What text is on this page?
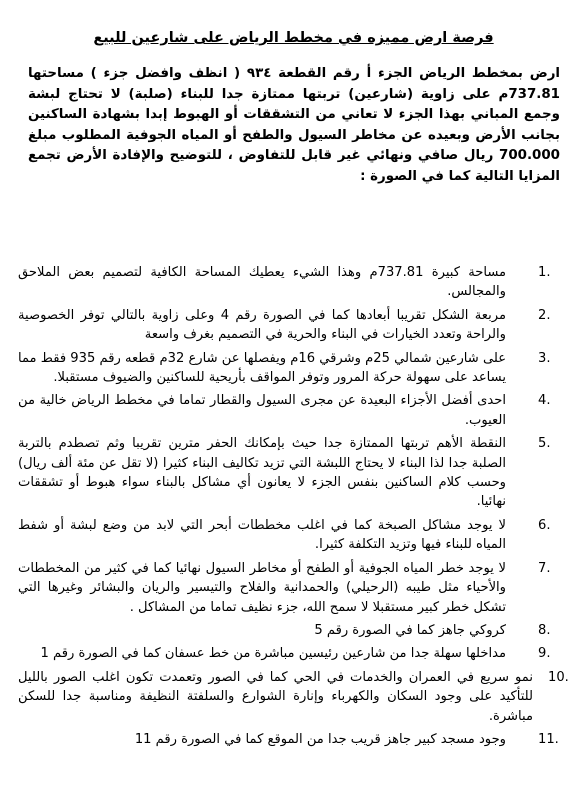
فرصة ارض مميزه في مخطط الرياض على شارعين للبيع

ارض بمخطط الرياض الجزء أ رقم القطعة ٩٣٤ ( انظف وافضل جزء ) مساحتها 737.81م على زاوية (شارعين) تربتها ممتازة جدا للبناء (صلبة) لا تحتاج لبشة وجمع المباني بهذا الجزء لا تعاني من التشققات أو الهبوط إبدا بشهادة الساكنين بجانب الأرض وبعيده عن مخاطر السيول والطفح أو المياه الجوفية المطلوب مبلغ 700.000 ريال صافي ونهائي غير قابل للتفاوض ، للتوضيح والإفادة الأرض تجمع المزايا التالية كما في الصورة :

1.
مساحة كبيرة 737.81م وهذا الشيء يعطيك المساحة الكافية لتصميم بعض الملاحق والمجالس.
2.
مربعة الشكل تقريبا أبعادها كما في الصورة رقم 4 وعلى زاوية بالتالي توفر الخصوصية والراحة وتعدد الخيارات في البناء والحرية في التصميم بغرف واسعة
3.
على شارعين شمالي 25م وشرقي 16م ويفصلها عن شارع 32م قطعه رقم 935 فقط مما يساعد على سهولة حركة المرور وتوفر المواقف بأريحية للساكنين والضيوف مستقبلا.
4.
احدى أفضل الأجزاء البعيدة عن مجرى السيول والقطار تماما في مخطط الرياض خالية من العيوب.
5.
النقطة الأهم تربتها الممتازة جدا حيث بإمكانك الحفر مترين تقريبا وثم تصطدم بالتربة الصلبة جدا لذا البناء لا يحتاج اللبشة التي تزيد تكاليف البناء كثيرا (لا تقل عن مئة ألف ريال) وحسب كلام الساكنين بنفس الجزء لا يعانون أي مشاكل بالبناء سواء هبوط أو تشققات نهائيا.
6.
لا يوجد مشاكل الصبخة كما في اغلب مخططات أبحر التي لابد من وضع لبشة أو شفط المياه للبناء فيها وتزيد التكلفة كثيرا.
7.
لا يوجد خطر المياه الجوفية أو الطفح أو مخاطر السيول نهائيا كما في كثير من المخططات والأحياء مثل طيبه (الرحيلي) والحمدانية والفلاح والتيسير والريان والبشائر وغيرها التي تشكل خطر كبير مستقبلا لا سمح الله، جزء نظيف تماما من المشاكل .
8.
كروكي جاهز كما في الصورة رقم 5
9.
مداخلها سهلة جدا من شارعين رئيسين مباشرة من خط عسفان كما في الصورة رقم 1
10.
نمو سريع في العمران والخدمات في الحي كما في الصور وتعمدت تكون اغلب الصور بالليل للتأكيد على وجود السكان والكهرباء وإنارة الشوارع والسلفتة النظيفة ومناسبة جدا للسكن مباشرة.
11.
وجود مسجد كبير جاهز قريب جدا من الموقع كما في الصورة رقم 11
